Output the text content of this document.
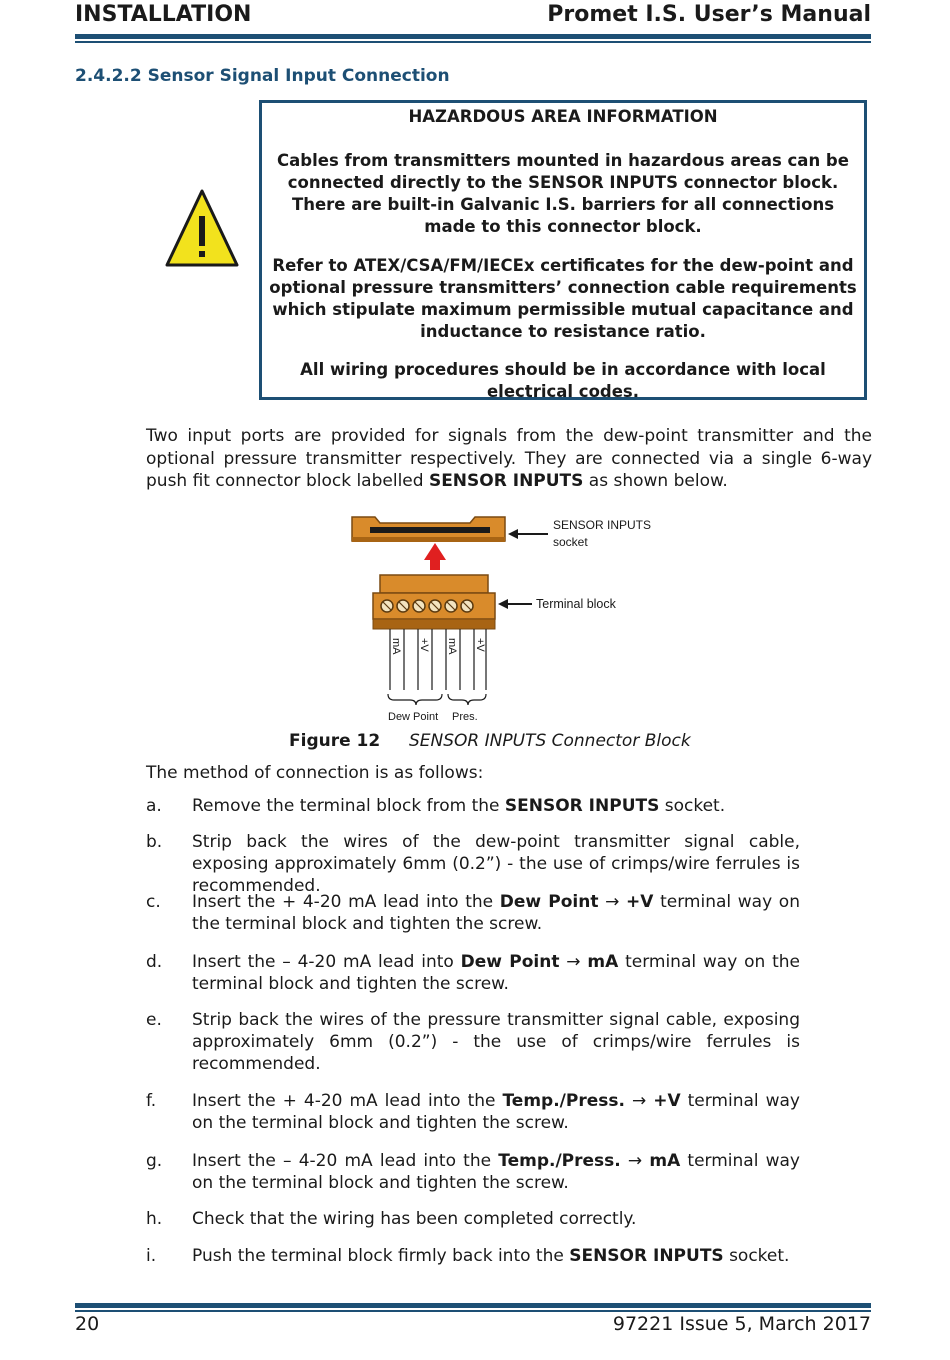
INSTALLATION	Promet I.S. User’s Manual
2.4.2.2 Sensor Signal Input Connection

HAZARDOUS AREA INFORMATION

Cables from transmitters mounted in hazardous areas can be connected directly to the SENSOR INPUTS connector block. There are built-in Galvanic I.S. barriers for all connections made to this connector block.

Refer to ATEX/CSA/FM/IECEx certificates for the dew-point and optional pressure transmitters’ connection cable requirements which stipulate maximum permissible mutual capacitance and inductance to resistance ratio.

All wiring procedures should be in accordance with local electrical codes.

Two input ports are provided for signals from the dew-point transmitter and the optional pressure transmitter respectively. They are connected via a single 6-way push fit connector block labelled SENSOR INPUTS as shown below.
SENSOR INPUTS
socket
Terminal block
mA +V mA +V
Dew Point Pres.
Figure 12 SENSOR INPUTS Connector Block
The method of connection is as follows:
a. Remove the terminal block from the SENSOR INPUTS socket.
b. Strip back the wires of the dew-point transmitter signal cable, exposing approximately 6mm (0.2”) - the use of crimps/wire ferrules is recommended.
c. Insert the + 4-20 mA lead into the Dew Point → +V terminal way on the terminal block and tighten the screw.
d. Insert the – 4-20 mA lead into Dew Point → mA terminal way on the terminal block and tighten the screw.
e. Strip back the wires of the pressure transmitter signal cable, exposing approximately 6mm (0.2”) - the use of crimps/wire ferrules is recommended.
f. Insert the + 4-20 mA lead into the Temp./Press. → +V terminal way on the terminal block and tighten the screw.
g. Insert the – 4-20 mA lead into the Temp./Press. → mA terminal way on the terminal block and tighten the screw.
h. Check that the wiring has been completed correctly.
i. Push the terminal block firmly back into the SENSOR INPUTS socket.
20	97221 Issue 5, March 2017
